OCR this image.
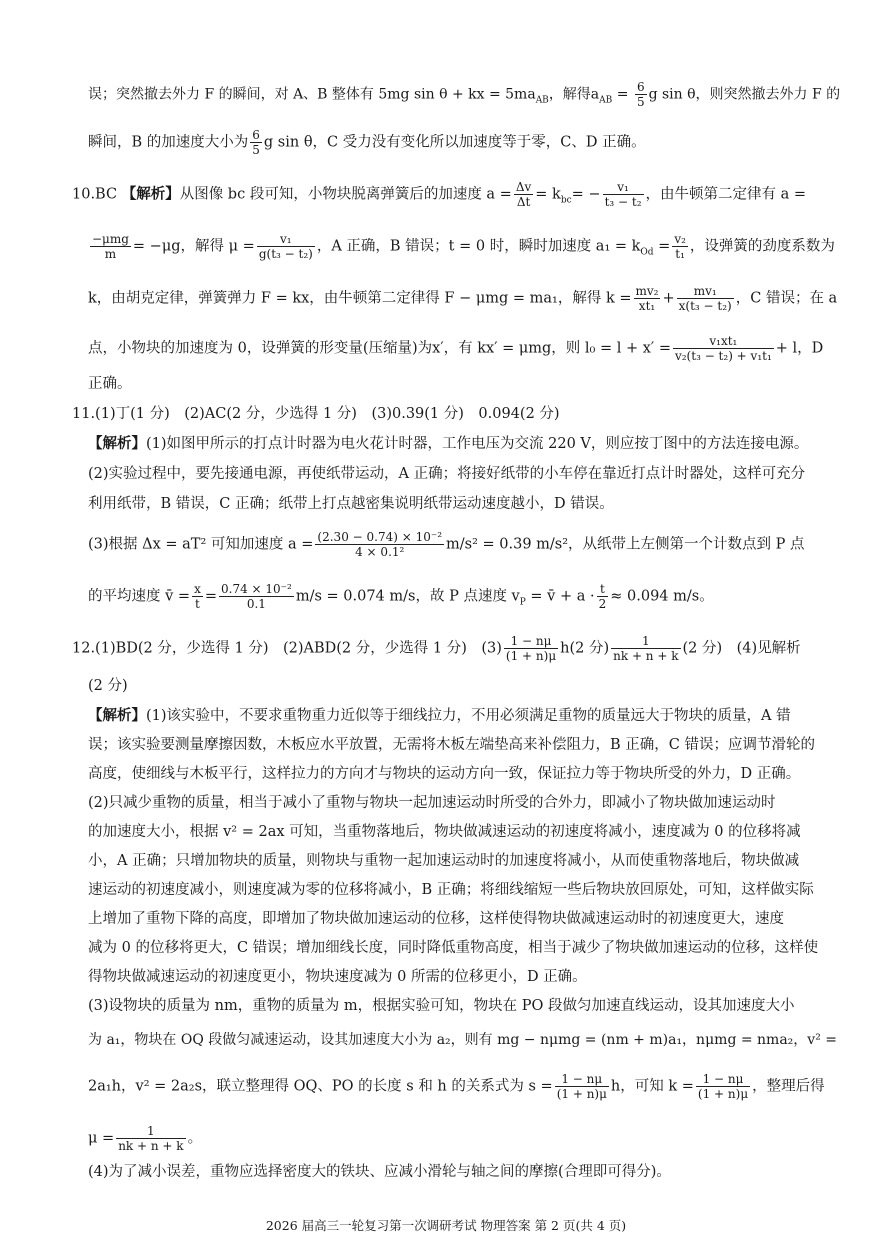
误；突然撤去外力 F 的瞬间，对 A、B 整体有 5mg sin θ + kx = $5ma_{AB}$，解得$a_{AB} = \frac{6}{5}$ g sin θ，则突然撤去外力 F 的
瞬间，B 的加速度大小为 $\frac{6}{5}$ g sin θ，C 受力没有变化所以加速度等于零，C、D 正确。
10.BC 【解析】从图像 bc 段可知，小物块脱离弹簧后的加速度 $a = \frac{\Delta v}{\Delta t} = k_{bc}= - \frac{\text{v₁}}{\text{t₃ − t₂}}$ ，由牛顿第二定律有 a =
$\frac{\text{−μmg}}{m} = -\mu g$，解得 $\mu = \frac{\text{v₁}}{\text{g(t₃ − t₂)}}$ ，A 正确，B 错误；t = 0 时，瞬时加速度 $a_1 = k_{Od} = \frac{\text{v₂}}{\text{t₁}}$ ，设弹簧的劲度系数为
k，由胡克定律，弹簧弹力 F = kx，由牛顿第二定律得 F − μmg = ma₁，解得 $k = \frac{\text{mv₂}}{\text{xt₁}} + \frac{\text{mv₁}}{\text{x(t₃ − t₂)}}$ ，C 错误；在 a
点，小物块的加速度为 0，设弹簧的形变量(压缩量)为x′，有 kx′ = μmg，则 $l_0 = l + x' = \frac{\text{v₁xt₁}}{\text{v₂(t₃ − t₂) + v₁t₁}} + l$，D
正确。
11.(1)丁(1 分)　(2)AC(2 分，少选得 1 分)　(3)0.39(1 分)　0.094(2 分)
【解析】(1)如图甲所示的打点计时器为电火花计时器，工作电压为交流 220 V，则应按丁图中的方法连接电源。
(2)实验过程中，要先接通电源，再使纸带运动，A 正确；将接好纸带的小车停在靠近打点计时器处，这样可充分
利用纸带，B 错误，C 正确；纸带上打点越密集说明纸带运动速度越小，D 错误。
(3)根据 Δx = aT² 可知加速度 $a = \frac{\text{(2.30 − 0.74) × 10⁻²}}{\text{4 × 0.1²}} m/s^2 = 0.39$ m/s²，从纸带上左侧第一个计数点到 P 点
的平均速度 v̄ = $\frac{x}{t} = \frac{\text{0.74 × 10⁻²}}{0.1} m/s = 0.074$ m/s，故 P 点速度 $v_P$ = v̄ + $a \cdot \frac{t}{2} \approx 0.094$ m/s。
12.(1)BD(2 分，少选得 1 分)　(2)ABD(2 分，少选得 1 分)　$(3) \frac{1 - n\mu}{(1 + n)\mu} h(2$ 分) $\frac{1}{nk + n + k} (2$ 分)　(4)见解析
(2 分)
【解析】(1)该实验中，不要求重物重力近似等于细线拉力，不用必须满足重物的质量远大于物块的质量，A 错
误；该实验要测量摩擦因数，木板应水平放置，无需将木板左端垫高来补偿阻力，B 正确，C 错误；应调节滑轮的
高度，使细线与木板平行，这样拉力的方向才与物块的运动方向一致，保证拉力等于物块所受的外力，D 正确。
(2)只减少重物的质量，相当于减小了重物与物块一起加速运动时所受的合外力，即减小了物块做加速运动时
的加速度大小，根据 v² = 2ax 可知，当重物落地后，物块做减速运动的初速度将减小，速度减为 0 的位移将减
小，A 正确；只增加物块的质量，则物块与重物一起加速运动时的加速度将减小，从而使重物落地后，物块做减
速运动的初速度减小，则速度减为零的位移将减小，B 正确；将细线缩短一些后物块放回原处，可知，这样做实际
上增加了重物下降的高度，即增加了物块做加速运动的位移，这样使得物块做减速运动时的初速度更大，速度
减为 0 的位移将更大，C 错误；增加细线长度，同时降低重物高度，相当于减少了物块做加速运动的位移，这样使
得物块做减速运动的初速度更小，物块速度减为 0 所需的位移更小，D 正确。
(3)设物块的质量为 nm，重物的质量为 m，根据实验可知，物块在 PO 段做匀加速直线运动，设其加速度大小
为 a₁，物块在 OQ 段做匀减速运动，设其加速度大小为 a₂，则有 mg − nμmg = (nm + m)a₁，nμmg = nma₂，v² =
2a₁h，v² = 2a₂s，联立整理得 OQ、PO 的长度 s 和 h 的关系式为 $s = \frac{1 - n\mu}{(1 + n)\mu}$ h，可知 $k = \frac{1 - n\mu}{(1 + n)\mu}$ ，整理后得
$\mu = \frac{1}{nk + n + k}$ 。
(4)为了减小误差，重物应选择密度大的铁块、应减小滑轮与轴之间的摩擦(合理即可得分)。
2026 届高三一轮复习第一次调研考试 物理答案 第 2 页(共 4 页)
